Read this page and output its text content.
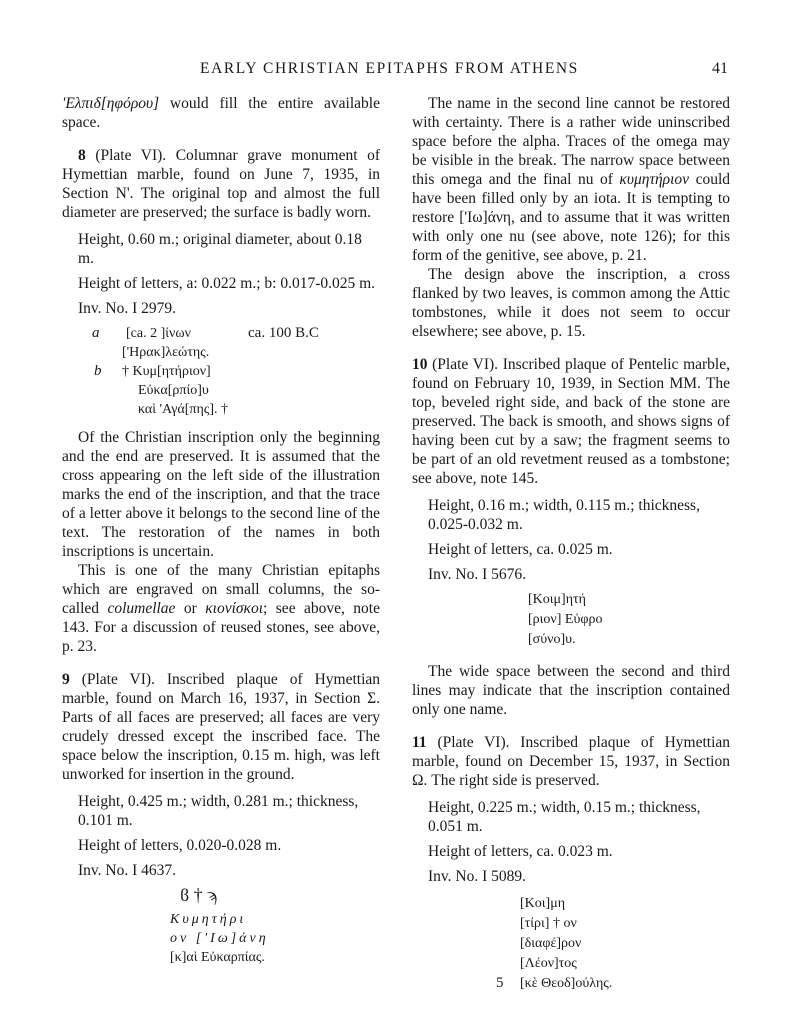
EARLY CHRISTIAN EPITAPHS FROM ATHENS	41

'Ελπιδ[ηφόρου] would fill the entire available space.

8 (Plate VI). Columnar grave monument of Hymettian marble, found on June 7, 1935, in Section Ν'. The original top and almost the full diameter are preserved; the surface is badly worn.

Height, 0.60 m.; original diameter, about 0.18 m.

Height of letters, a: 0.022 m.; b: 0.017-0.025 m.

Inv. No. I 2979.

a [ca. 2 ]ίνων	ca. 100 B.C
['Ηρακ]λεώτης.
b † Κυμ[ητήριον]
Εὐκα[ρπίο]υ
καὶ 'Αγά[πης]. †

Of the Christian inscription only the beginning and the end are preserved. It is assumed that the cross appearing on the left side of the illustration marks the end of the inscription, and that the trace of a letter above it belongs to the second line of the text. The restoration of the names in both inscriptions is uncertain.

This is one of the many Christian epitaphs which are engraved on small columns, the so-called columellae or κιονίσκοι; see above, note 143. For a discussion of reused stones, see above, p. 23.

9 (Plate VI). Inscribed plaque of Hymettian marble, found on March 16, 1937, in Section Σ. Parts of all faces are preserved; all faces are very crudely dressed except the inscribed face. The space below the inscription, 0.15 m. high, was left unworked for insertion in the ground.

Height, 0.425 m.; width, 0.281 m.; thickness, 0.101 m.

Height of letters, 0.020-0.028 m.

Inv. No. I 4637.

ϐ † ϡ
Κυμητήρι
ον ['Ιω]άνη
[κ]αὶ Εὐκαρπίας.

The name in the second line cannot be restored with certainty. There is a rather wide uninscribed space before the alpha. Traces of the omega may be visible in the break. The narrow space between this omega and the final nu of κυμητήριον could have been filled only by an iota. It is tempting to restore ['Ιω]άνη, and to assume that it was written with only one nu (see above, note 126); for this form of the genitive, see above, p. 21.

The design above the inscription, a cross flanked by two leaves, is common among the Attic tombstones, while it does not seem to occur elsewhere; see above, p. 15.

10 (Plate VI). Inscribed plaque of Pentelic marble, found on February 10, 1939, in Section MM. The top, beveled right side, and back of the stone are preserved. The back is smooth, and shows signs of having been cut by a saw; the fragment seems to be part of an old revetment reused as a tombstone; see above, note 145.

Height, 0.16 m.; width, 0.115 m.; thickness, 0.025-0.032 m.

Height of letters, ca. 0.025 m.

Inv. No. I 5676.

[Κοιμ]ητή
[ριον] Εὐφρο
[σύνο]υ.

The wide space between the second and third lines may indicate that the inscription contained only one name.

11 (Plate VI). Inscribed plaque of Hymettian marble, found on December 15, 1937, in Section Ω. The right side is preserved.

Height, 0.225 m.; width, 0.15 m.; thickness, 0.051 m.

Height of letters, ca. 0.023 m.

Inv. No. I 5089.

[Κοι]μη
[τίρι] † ον
[διαφέ]ρον
[Λέον]τος
5 [κὲ Θεοδ]ούλης.
